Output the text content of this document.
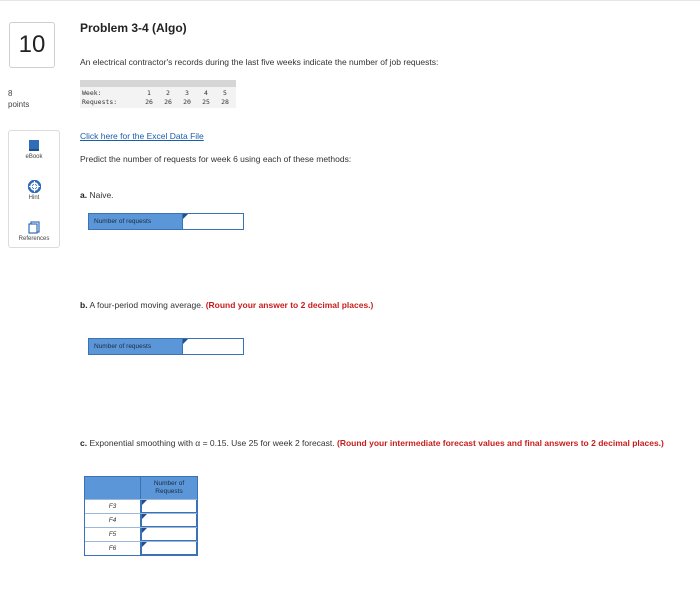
10
8
points
eBook
Hint
References
Problem 3-4 (Algo)
An electrical contractor's records during the last five weeks indicate the number of job requests:
Week:	1	2	3	4	5
Requests:	26	26	20	25	28
Click here for the Excel Data File
Predict the number of requests for week 6 using each of these methods:
a. Naive.
Number of requests
b. A four-period moving average. (Round your answer to 2 decimal places.)
Number of requests
c. Exponential smoothing with α = 0.15. Use 25 for week 2 forecast. (Round your intermediate forecast values and final answers to 2 decimal places.)
Number of Requests
F3
F4
F5
F6
